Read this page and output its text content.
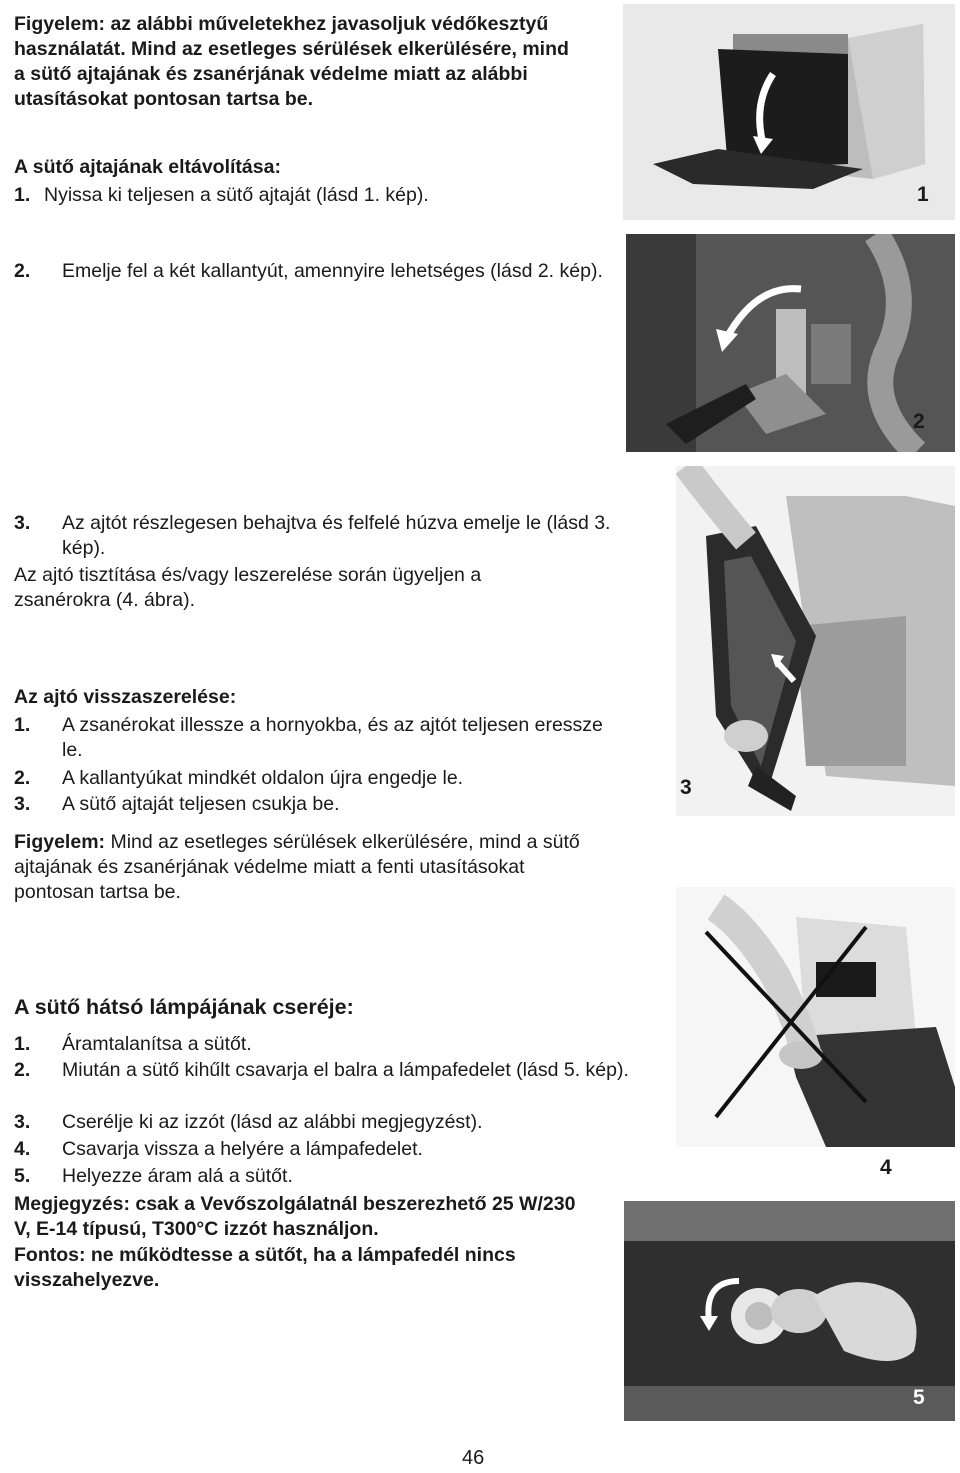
Figyelem: az alábbi műveletekhez javasoljuk védőkesztyű használatát. Mind az esetleges sérülések elkerülésére, mind a sütő ajtajának és zsanérjának védelme miatt az alábbi utasításokat pontosan tartsa be.
A sütő ajtajának eltávolítása:
1. Nyissa ki teljesen a sütő ajtaját (lásd 1. kép).
2. Emelje fel a két kallantyút, amennyire lehetséges (lásd 2. kép).
3. Az ajtót részlegesen behajtva és felfelé húzva emelje le (lásd 3. kép).
Az ajtó tisztítása és/vagy leszerelése során ügyeljen a zsanérokra (4. ábra).
Az ajtó visszaszerelése:
1. A zsanérokat illessze a hornyokba, és az ajtót teljesen eressze le.
2. A kallantyúkat mindkét oldalon újra engedje le.
3. A sütő ajtaját teljesen csukja be.
Figyelem: Mind az esetleges sérülések elkerülésére, mind a sütő ajtajának és zsanérjának védelme miatt a fenti utasításokat pontosan tartsa be.
A sütő hátsó lámpájának cseréje:
1. Áramtalanítsa a sütőt.
2. Miután a sütő kihűlt csavarja el balra a lámpafedelet (lásd 5. kép).
3. Cserélje ki az izzót (lásd az alábbi megjegyzést).
4. Csavarja vissza a helyére a lámpafedelet.
5. Helyezze áram alá a sütőt.
Megjegyzés: csak a Vevőszolgálatnál beszerezhető 25 W/230 V, E-14 típusú, T300°C izzót használjon.
Fontos: ne működtesse a sütőt, ha a lámpafedél nincs visszahelyezve.
1
2
3
4
5
46
